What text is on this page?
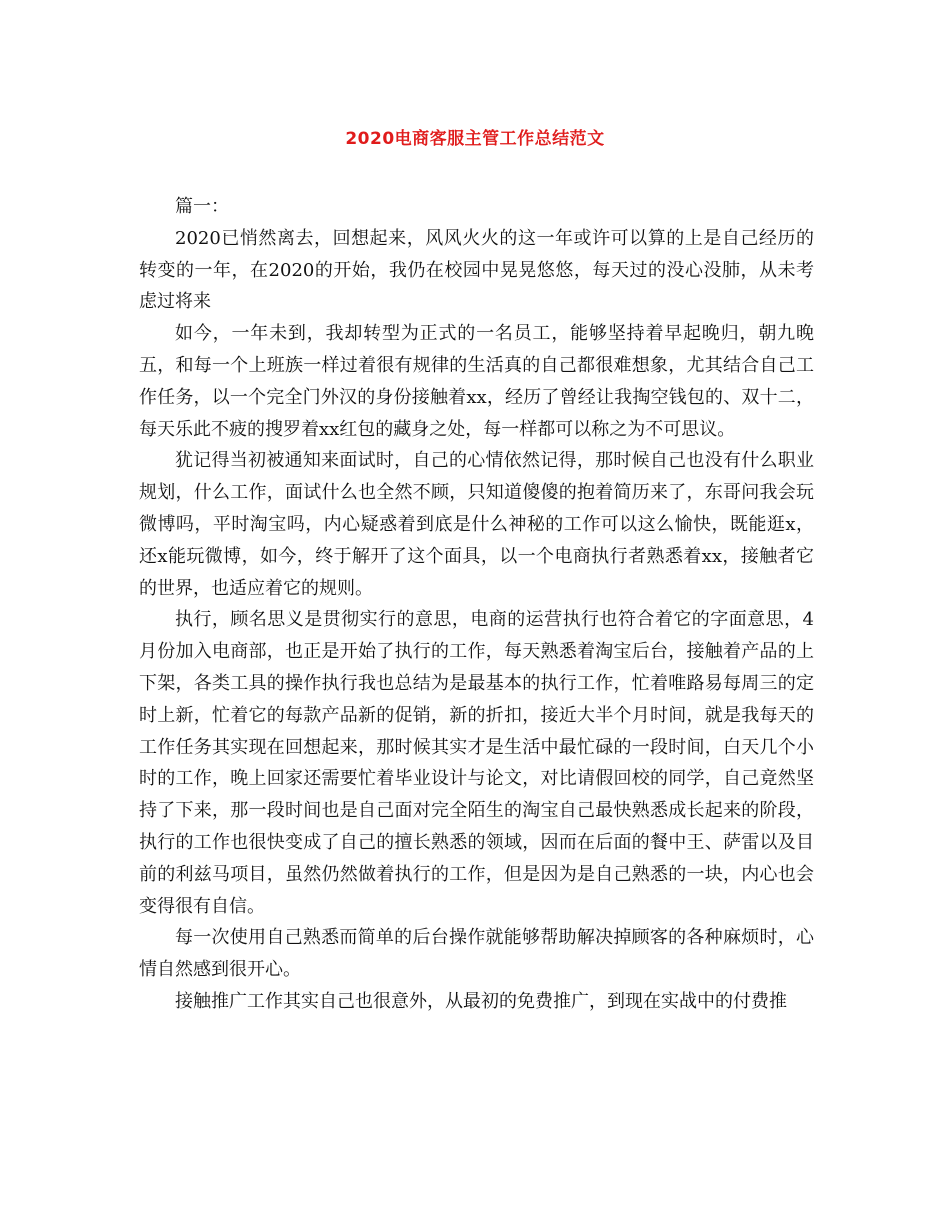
2020电商客服主管工作总结范文

篇一：

2020已悄然离去，回想起来，风风火火的这一年或许可以算的上是自己经历的转变的一年，在2020的开始，我仍在校园中晃晃悠悠，每天过的没心没肺，从未考虑过将来

如今，一年未到，我却转型为正式的一名员工，能够坚持着早起晚归，朝九晚五，和每一个上班族一样过着很有规律的生活真的自己都很难想象，尤其结合自己工作任务，以一个完全门外汉的身份接触着xx，经历了曾经让我掏空钱包的、双十二，每天乐此不疲的搜罗着xx红包的藏身之处，每一样都可以称之为不可思议。

犹记得当初被通知来面试时，自己的心情依然记得，那时候自己也没有什么职业规划，什么工作，面试什么也全然不顾，只知道傻傻的抱着简历来了，东哥问我会玩微博吗，平时淘宝吗，内心疑惑着到底是什么神秘的工作可以这么愉快，既能逛x，还x能玩微博，如今，终于解开了这个面具，以一个电商执行者熟悉着xx，接触者它的世界，也适应着它的规则。

执行，顾名思义是贯彻实行的意思，电商的运营执行也符合着它的字面意思，4月份加入电商部，也正是开始了执行的工作，每天熟悉着淘宝后台，接触着产品的上下架，各类工具的操作执行我也总结为是最基本的执行工作，忙着唯路易每周三的定时上新，忙着它的每款产品新的促销，新的折扣，接近大半个月时间，就是我每天的工作任务其实现在回想起来，那时候其实才是生活中最忙碌的一段时间，白天几个小时的工作，晚上回家还需要忙着毕业设计与论文，对比请假回校的同学，自己竟然坚持了下来，那一段时间也是自己面对完全陌生的淘宝自己最快熟悉成长起来的阶段，执行的工作也很快变成了自己的擅长熟悉的领域，因而在后面的餐中王、萨雷以及目前的利兹马项目，虽然仍然做着执行的工作，但是因为是自己熟悉的一块，内心也会变得很有自信。

每一次使用自己熟悉而简单的后台操作就能够帮助解决掉顾客的各种麻烦时，心情自然感到很开心。

接触推广工作其实自己也很意外，从最初的免费推广，到现在实战中的付费推
